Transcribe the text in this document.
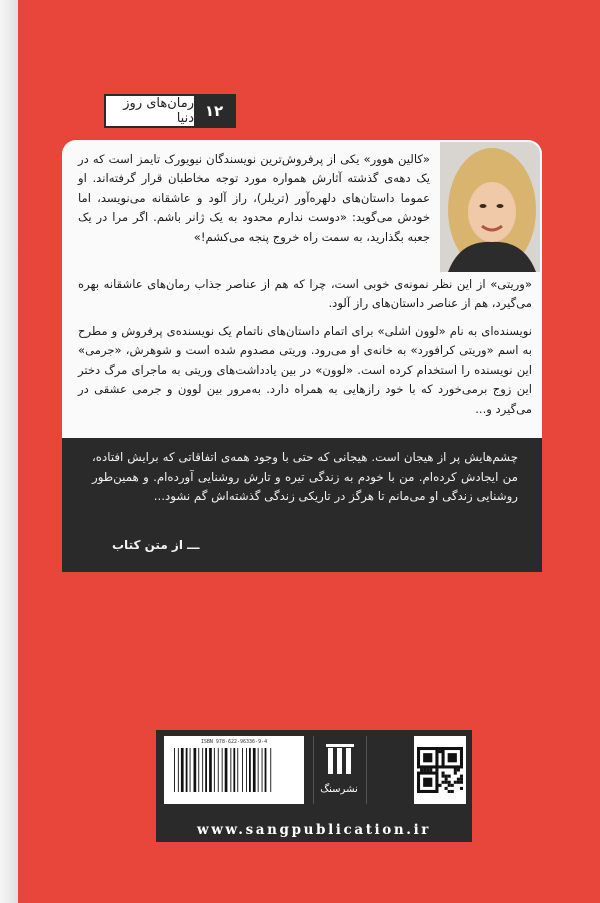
۱۲
رمان‌های روز دنیا

«کالین هوور» یکی از پرفروش‌ترین نویسندگان نیویورک تایمز است که در یک دهه‌ی گذشته آثارش همواره مورد توجه مخاطبان قرار گرفته‌اند. او عموما داستان‌های دلهره‌آور (تریلر)، راز آلود و عاشقانه می‌نویسد، اما خودش می‌گوید: «دوست ندارم محدود به یک ژانر باشم. اگر مرا در یک جعبه بگذارید، به سمت راه خروج پنجه می‌کشم!»

«وریتی» از این نظر نمونه‌ی خوبی است، چرا که هم از عناصر جذاب رمان‌های عاشقانه بهره می‌گیرد، هم از عناصر داستان‌های راز آلود.

نویسنده‌ای به نام «لوون اشلی» برای اتمام داستان‌های ناتمام یک نویسنده‌ی پرفروش و مطرح به اسم «وریتی کرافورد» به خانه‌ی او می‌رود. وریتی مصدوم شده است و شوهرش، «جرمی» این نویسنده را استخدام کرده است. «لوون» در بین یادداشت‌های وریتی به ماجرای مرگ دختر این زوج برمی‌خورد که با خود رازهایی به همراه دارد. به‌مرور بین لوون و جرمی عشقی در می‌گیرد و...

چشم‌هایش پر از هیجان است. هیجانی که حتی با وجود همه‌ی اتفاقاتی که برایش افتاده، من ایجادش کرده‌ام. من با خودم به زندگی تیره و تارش روشنایی آورده‌ام. و همین‌طور روشنایی زندگی او می‌مانم تا هرگز در تاریکی زندگی گذشته‌اش گم نشود...

ـــ از متن کتاب
ISBN 978-622-96336-9-4
نشرسنگ
www.sangpublication.ir
